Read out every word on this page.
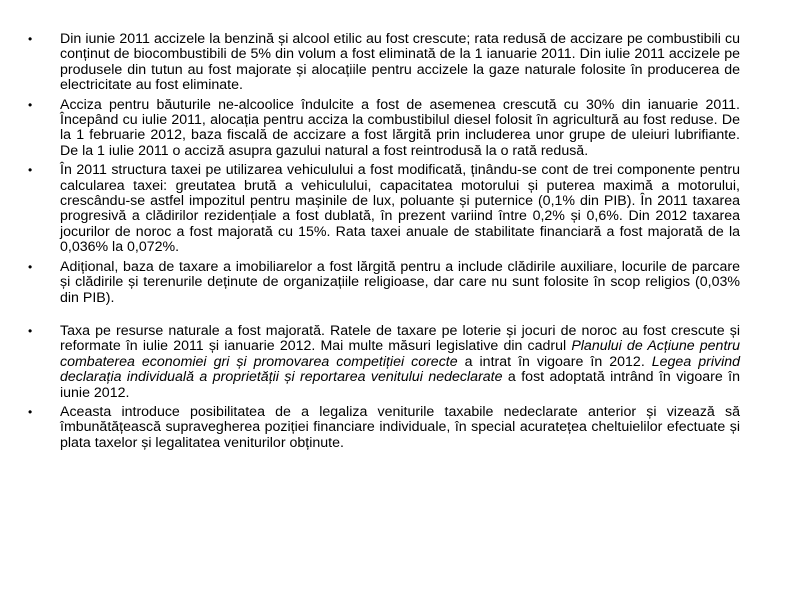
• Din iunie 2011 accizele la benzină și alcool etilic au fost crescute; rata redusă de accizare pe combustibili cu conținut de biocombustibili de 5% din volum a fost eliminată de la 1 ianuarie 2011. Din iulie 2011 accizele pe produsele din tutun au fost majorate și alocațiile pentru accizele la gaze naturale folosite în producerea de electricitate au fost eliminate.
• Acciza pentru băuturile ne-alcoolice îndulcite a fost de asemenea crescută cu 30% din ianuarie 2011. Începând cu iulie 2011, alocația pentru acciza la combustibilul diesel folosit în agricultură au fost reduse. De la 1 februarie 2012, baza fiscală de accizare a fost lărgită prin includerea unor grupe de uleiuri lubrifiante. De la 1 iulie 2011 o acciză asupra gazului natural a fost reintrodusă la o rată redusă.
• În 2011 structura taxei pe utilizarea vehiculului a fost modificată, ținându-se cont de trei componente pentru calcularea taxei: greutatea brută a vehiculului, capacitatea motorului și puterea maximă a motorului, crescându-se astfel impozitul pentru mașinile de lux, poluante și puternice (0,1% din PIB). În 2011 taxarea progresivă a clădirilor rezidențiale a fost dublată, în prezent variind între 0,2% și 0,6%. Din 2012 taxarea jocurilor de noroc a fost majorată cu 15%. Rata taxei anuale de stabilitate financiară a fost majorată de la 0,036% la 0,072%.
• Adițional, baza de taxare a imobiliarelor a fost lărgită pentru a include clădirile auxiliare, locurile de parcare și clădirile și terenurile deținute de organizațiile religioase, dar care nu sunt folosite în scop religios (0,03% din PIB).
• Taxa pe resurse naturale a fost majorată. Ratele de taxare pe loterie și jocuri de noroc au fost crescute și reformate în iulie 2011 și ianuarie 2012. Mai multe măsuri legislative din cadrul Planului de Acțiune pentru combaterea economiei gri și promovarea competiției corecte a intrat în vigoare în 2012. Legea privind declarația individuală a proprietății și reportarea venitului nedeclarate a fost adoptată intrând în vigoare în iunie 2012.
• Aceasta introduce posibilitatea de a legaliza veniturile taxabile nedeclarate anterior și vizează să îmbunătățească supravegherea poziției financiare individuale, în special acuratețea cheltuielilor efectuate și plata taxelor și legalitatea veniturilor obținute.
